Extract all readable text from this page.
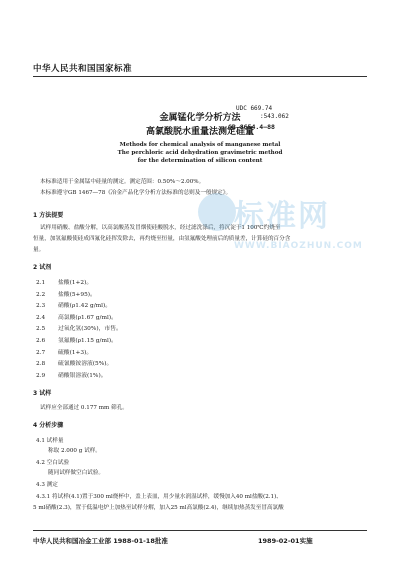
中华人民共和国国家标准
UDC 669.74
:543.062
GB 8654.4—88
金属锰化学分析方法
高氯酸脱水重量法测定硅量
Methods for chemical analysis of manganese metal
The perchloric acid dehydration gravimetric method
for the determination of silicon content
本标准适用于金属锰中硅量的测定。测定范围：0.50%～2.00%。
本标准遵守GB 1467—78《冶金产品化学分析方法标准的总则及一般规定》。
1 方法提要
试样用硝酸、盐酸分解，以高氯酸蒸发冒烟使硅酸脱水，经过滤洗涤后，将沉淀于1 100℃灼烧至
恒量，加氢氟酸使硅成四氟化硅挥发除去，再灼烧至恒量，由氢氟酸处理前后的质量差，计算硅的百分含
量。
2 试剂
2.1 盐酸(1+2)。
2.2 盐酸(5+95)。
2.3 硝酸(ρ1.42 g/ml)。
2.4 高氯酸(ρ1.67 g/ml)。
2.5 过氧化氢(30%)，市售。
2.6 氢氟酸(ρ1.15 g/ml)。
2.7 硫酸(1+3)。
2.8 硫氰酸铵溶液(5%)。
2.9 硝酸银溶液(1%)。
3 试样
试样应全部通过 0.177 mm 筛孔。
4 分析步骤
4.1 试样量
称取 2.000 g 试样。
4.2 空白试验
随同试样做空白试验。
4.3 测定
4.3.1 将试样(4.1)置于300 ml烧杯中，盖上表皿，用少量水润湿试样，缓慢加入40 ml盐酸(2.1)、
5 ml硝酸(2.3)，置于低温电炉上加热至试样分解，加入25 ml高氯酸(2.4)，继续加热蒸发至冒高氯酸
中华人民共和国冶金工业部 1988-01-18批准	1989-02-01实施
标准网
WWW.BIAOZHUN.COM
